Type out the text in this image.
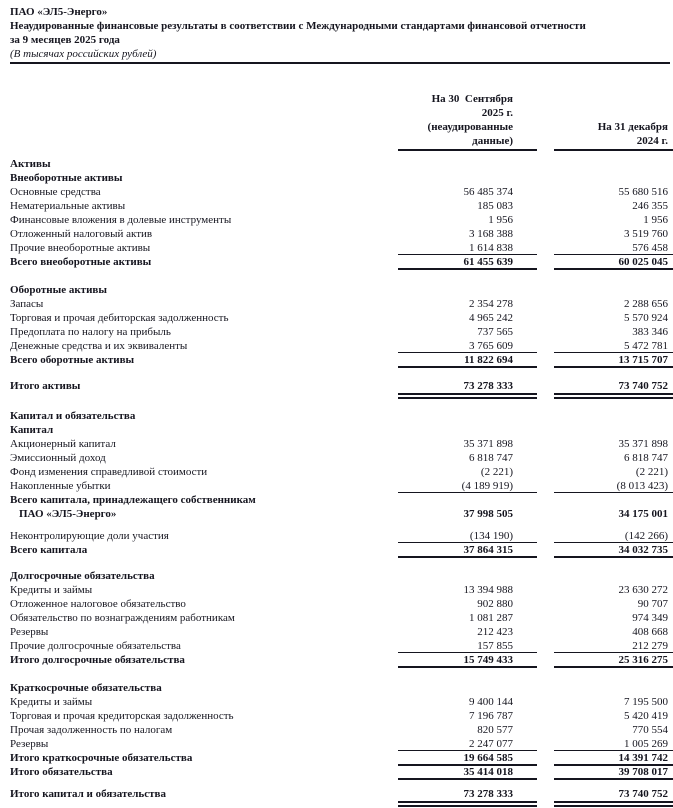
ПАО «ЭЛ5-Энерго»
Неаудированные финансовые результаты в соответствии с Международными стандартами финансовой отчетности
за 9 месяцев 2025 года
(В тысячах российских рублей)
На 30  Сентября
2025 г.
(неаудированные
данные)
На 31 декабря
2024 г.
Активы
Внеоборотные активы
Основные средства	56 485 374	55 680 516
Нематериальные активы	185 083	246 355
Финансовые вложения в долевые инструменты	1 956	1 956
Отложенный налоговый актив	3 168 388	3 519 760
Прочие внеоборотные активы	1 614 838	576 458
Всего внеоборотные активы	61 455 639	60 025 045
Оборотные активы
Запасы	2 354 278	2 288 656
Торговая и прочая дебиторская задолженность	4 965 242	5 570 924
Предоплата по налогу на прибыль	737 565	383 346
Денежные средства и их эквиваленты	3 765 609	5 472 781
Всего оборотные активы	11 822 694	13 715 707
Итого активы	73 278 333	73 740 752
Капитал и обязательства
Капитал
Акционерный капитал	35 371 898	35 371 898
Эмиссионный доход	6 818 747	6 818 747
Фонд изменения справедливой стоимости	(2 221)	(2 221)
Накопленные убытки	(4 189 919)	(8 013 423)
Всего капитала, принадлежащего собственникам
ПАО «ЭЛ5-Энерго»	37 998 505	34 175 001
Неконтролирующие доли участия	(134 190)	(142 266)
Всего капитала	37 864 315	34 032 735
Долгосрочные обязательства
Кредиты и займы	13 394 988	23 630 272
Отложенное налоговое обязательство	902 880	90 707
Обязательство по вознаграждениям работникам	1 081 287	974 349
Резервы	212 423	408 668
Прочие долгосрочные обязательства	157 855	212 279
Итого долгосрочные обязательства	15 749 433	25 316 275
Краткосрочные обязательства
Кредиты и займы	9 400 144	7 195 500
Торговая и прочая кредиторская задолженность	7 196 787	5 420 419
Прочая задолженность по налогам	820 577	770 554
Резервы	2 247 077	1 005 269
Итого краткосрочные обязательства	19 664 585	14 391 742
Итого обязательства	35 414 018	39 708 017
Итого капитал и обязательства	73 278 333	73 740 752
